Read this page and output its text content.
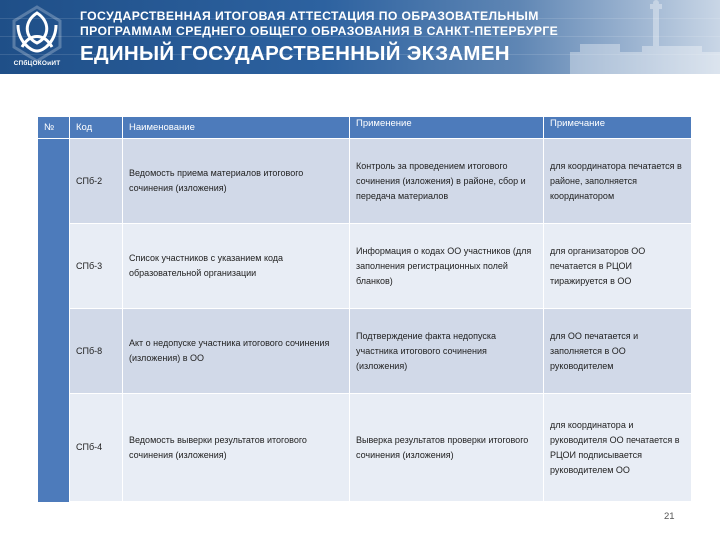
СПбЦОКОиИТ
ГОСУДАРСТВЕННАЯ ИТОГОВАЯ АТТЕСТАЦИЯ ПО ОБРАЗОВАТЕЛЬНЫМ
ПРОГРАММАМ СРЕДНЕГО ОБЩЕГО ОБРАЗОВАНИЯ В САНКТ-ПЕТЕРБУРГЕ
ЕДИНЫЙ ГОСУДАРСТВЕННЫЙ ЭКЗАМЕН
№	Код	Наименование	Применение	Примечание

	СПб-2	Ведомость приема материалов итогового сочинения (изложения)	Контроль за проведением итогового сочинения (изложения) в районе, сбор и передача материалов	для координатора печатается в районе, заполняется координатором

	СПб-3	Список участников с указанием кода образовательной организации	Информация о кодах ОО участников (для заполнения регистрационных полей бланков)	для организаторов ОО печатается в РЦОИ тиражируется в ОО

	СПб-8	Акт о недопуске участника итогового сочинения (изложения) в ОО	Подтверждение факта недопуска участника итогового сочинения (изложения)	для ОО печатается и заполняется в ОО руководителем

	СПб-4	Ведомость выверки результатов итогового сочинения (изложения)	Выверка результатов проверки итогового сочинения (изложения)	для координатора и руководителя ОО печатается в РЦОИ подписывается руководителем ОО
21
